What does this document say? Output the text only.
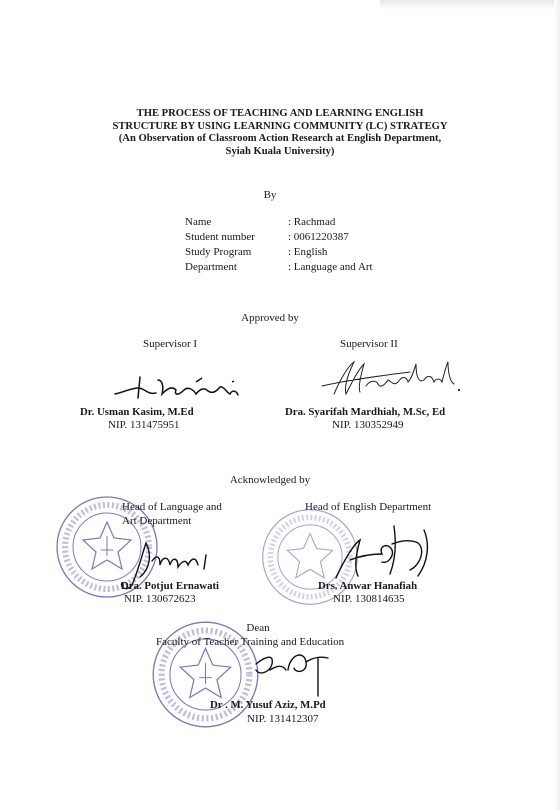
THE PROCESS OF TEACHING AND LEARNING ENGLISH
STRUCTURE BY USING LEARNING COMMUNITY (LC) STRATEGY
(An Observation of Classroom Action Research at English Department,
Syiah Kuala University)
By
Name	: Rachmad
Student number	: 0061220387
Study Program	: English
Department	: Language and Art
Approved by
Supervisor I	Supervisor II
Dr. Usman Kasim, M.Ed
NIP. 131475951
Dra. Syarifah Mardhiah, M.Sc, Ed
NIP. 130352949
Acknowledged by
Head of Language and
Art Department
Head of English Department
Dra. Potjut Ernawati
NIP. 130672623
Drs. Anwar Hanafiah
NIP. 130814635
Dean
Faculty of Teacher Training and Education
Dr . M. Yusuf Aziz, M.Pd
NIP. 131412307
